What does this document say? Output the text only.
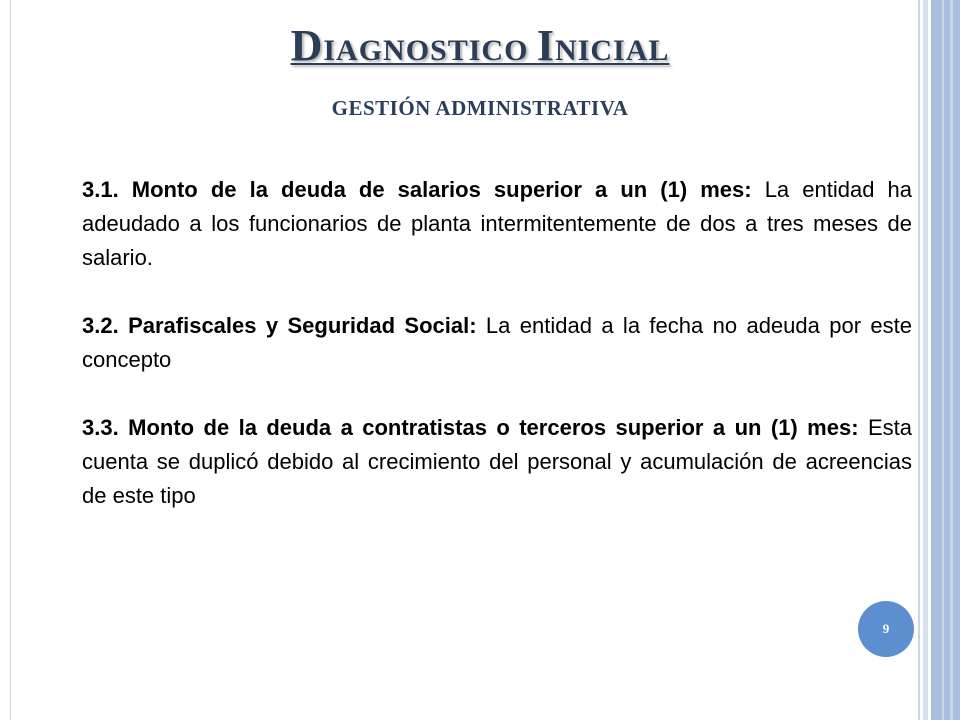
DIAGNOSTICO INICIAL
GESTIÓN ADMINISTRATIVA

3.1. Monto de la deuda de salarios superior a un (1) mes: La entidad ha adeudado a los funcionarios de planta intermitentemente de dos a tres meses de salario.

3.2. Parafiscales y Seguridad Social: La entidad a la fecha no adeuda por este concepto

3.3. Monto de la deuda a contratistas o terceros superior a un (1) mes: Esta cuenta se duplicó debido al crecimiento del personal y acumulación de acreencias de este tipo

9
